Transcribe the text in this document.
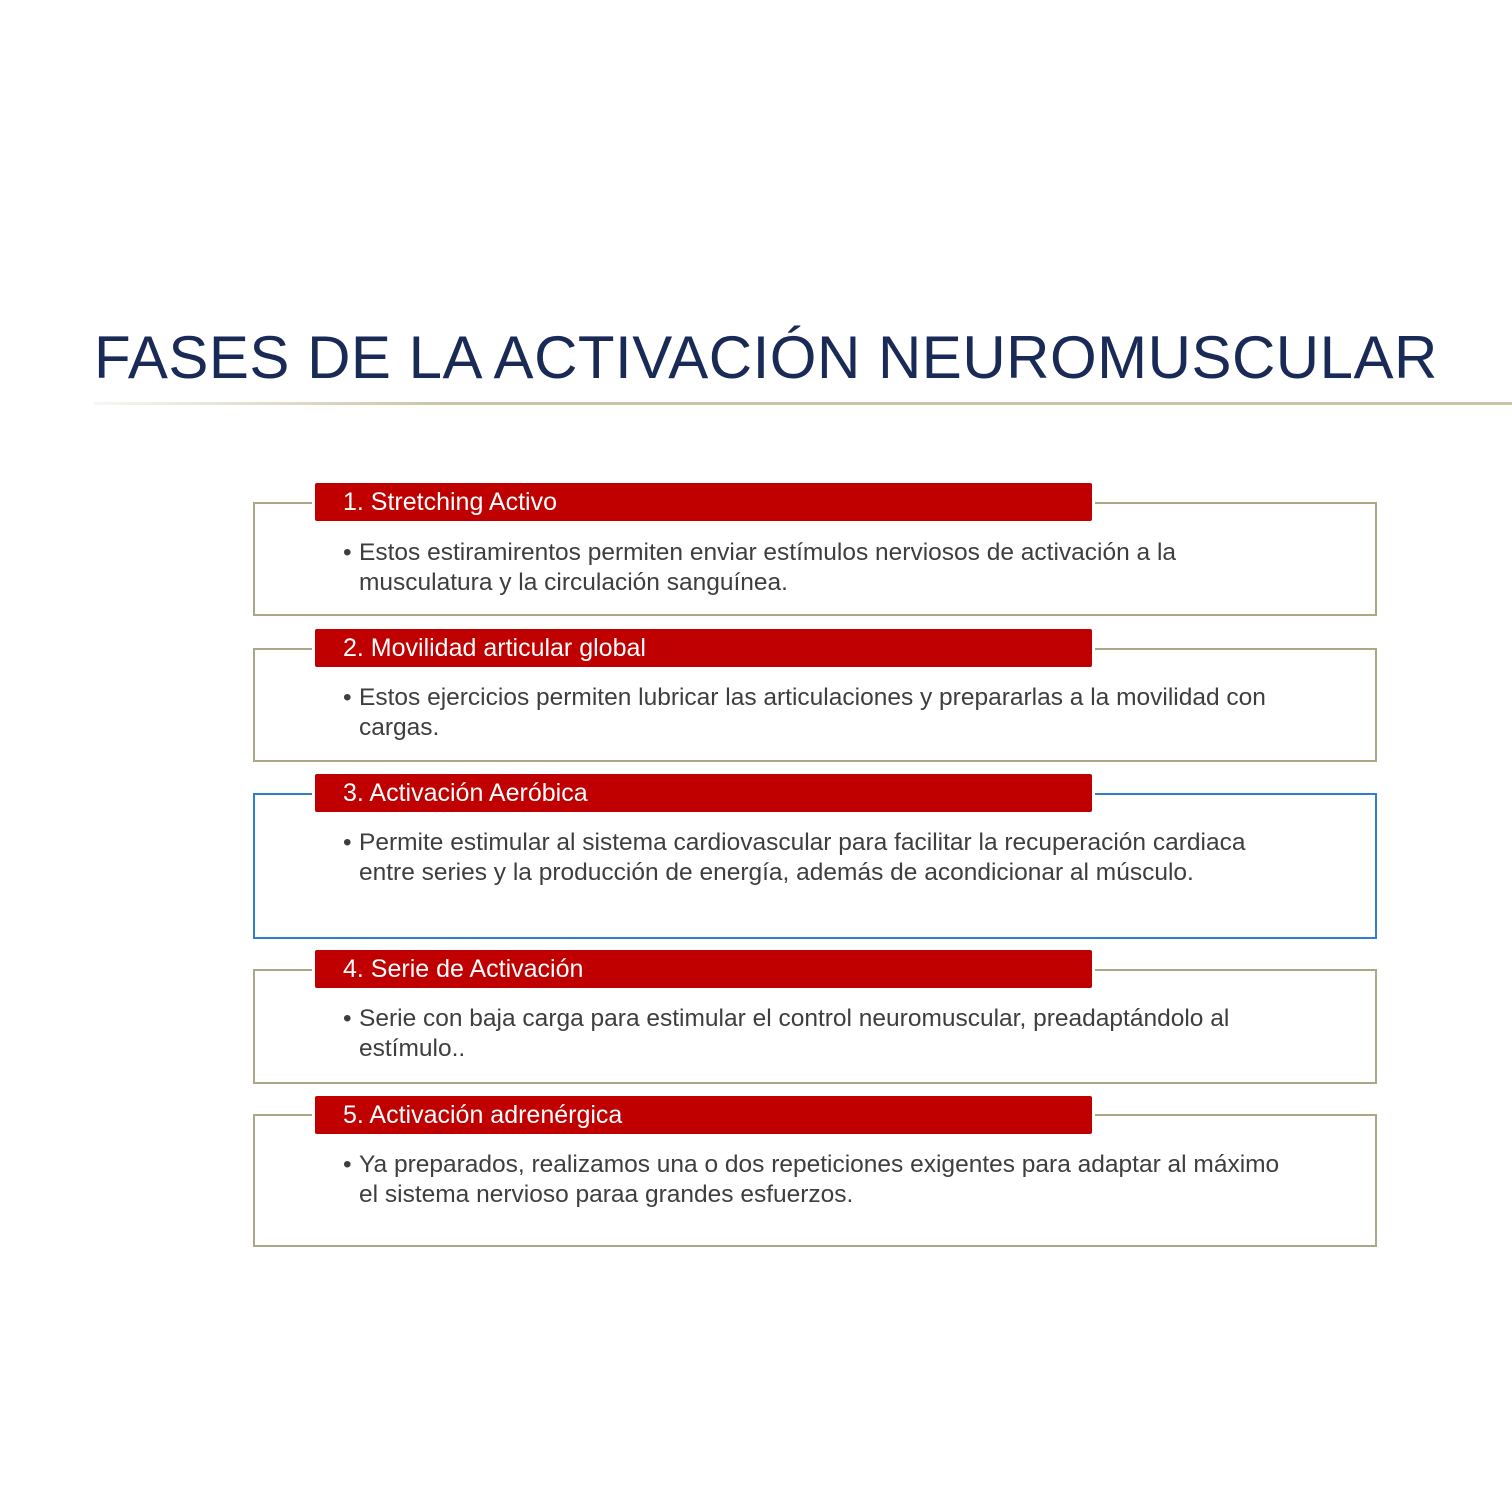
FASES DE LA ACTIVACIÓN NEUROMUSCULAR
1. Stretching Activo

• Estos estiramirentos permiten enviar estímulos nerviosos de activación a la musculatura y la circulación sanguínea.

2. Movilidad articular global

• Estos ejercicios permiten lubricar las articulaciones y prepararlas a la movilidad con cargas.

3. Activación Aeróbica

• Permite estimular al sistema cardiovascular para facilitar la recuperación cardiaca entre series y la producción de energía, además de acondicionar al músculo.

4. Serie de Activación

• Serie con baja carga para estimular el control neuromuscular, preadaptándolo al estímulo..

5. Activación adrenérgica

• Ya preparados, realizamos una o dos repeticiones exigentes para adaptar al máximo el sistema nervioso paraa grandes esfuerzos.
